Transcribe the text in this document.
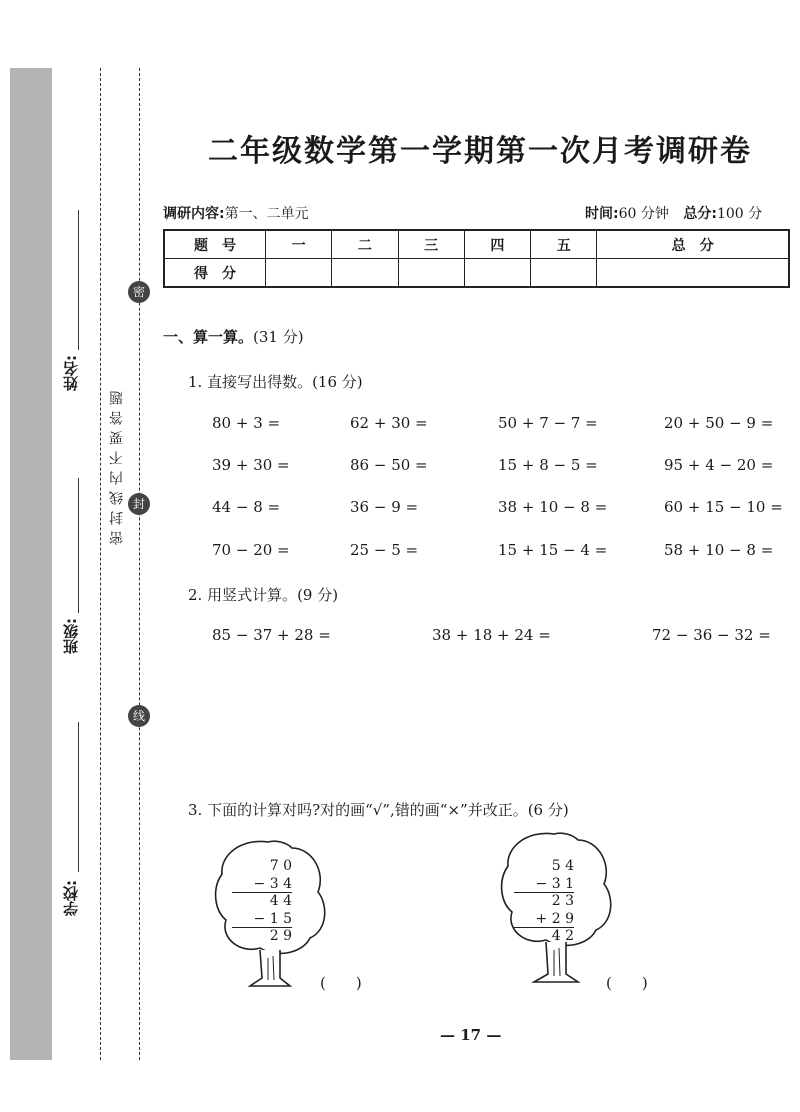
姓名:
班级:
学校:
密封线内不要答题
密
封
线
二年级数学第一学期第一次月考调研卷
调研内容:第一、二单元	时间:60 分钟 总分:100 分
题　号	一	二	三	四	五	总　分
得　分						
一、算一算。(31 分)
1. 直接写出得数。(16 分)
80 + 3 =	62 + 30 =	50 + 7 − 7 =	20 + 50 − 9 =
39 + 30 =	86 − 50 =	15 + 8 − 5 =	95 + 4 − 20 =
44 − 8 =	36 − 9 =	38 + 10 − 8 =	60 + 15 − 10 =
70 − 20 =	25 − 5 =	15 + 15 − 4 =	58 + 10 − 8 =
2. 用竖式计算。(9 分)
85 − 37 + 28 =	38 + 18 + 24 =	72 − 36 − 32 =
3. 下面的计算对吗?对的画“√”,错的画“×”并改正。(6 分)
7 0
− 3 4
4 4
− 1 5
2 9
(　　)
5 4
− 3 1
2 3
+ 2 9
4 2
(　　)
— 17 —
